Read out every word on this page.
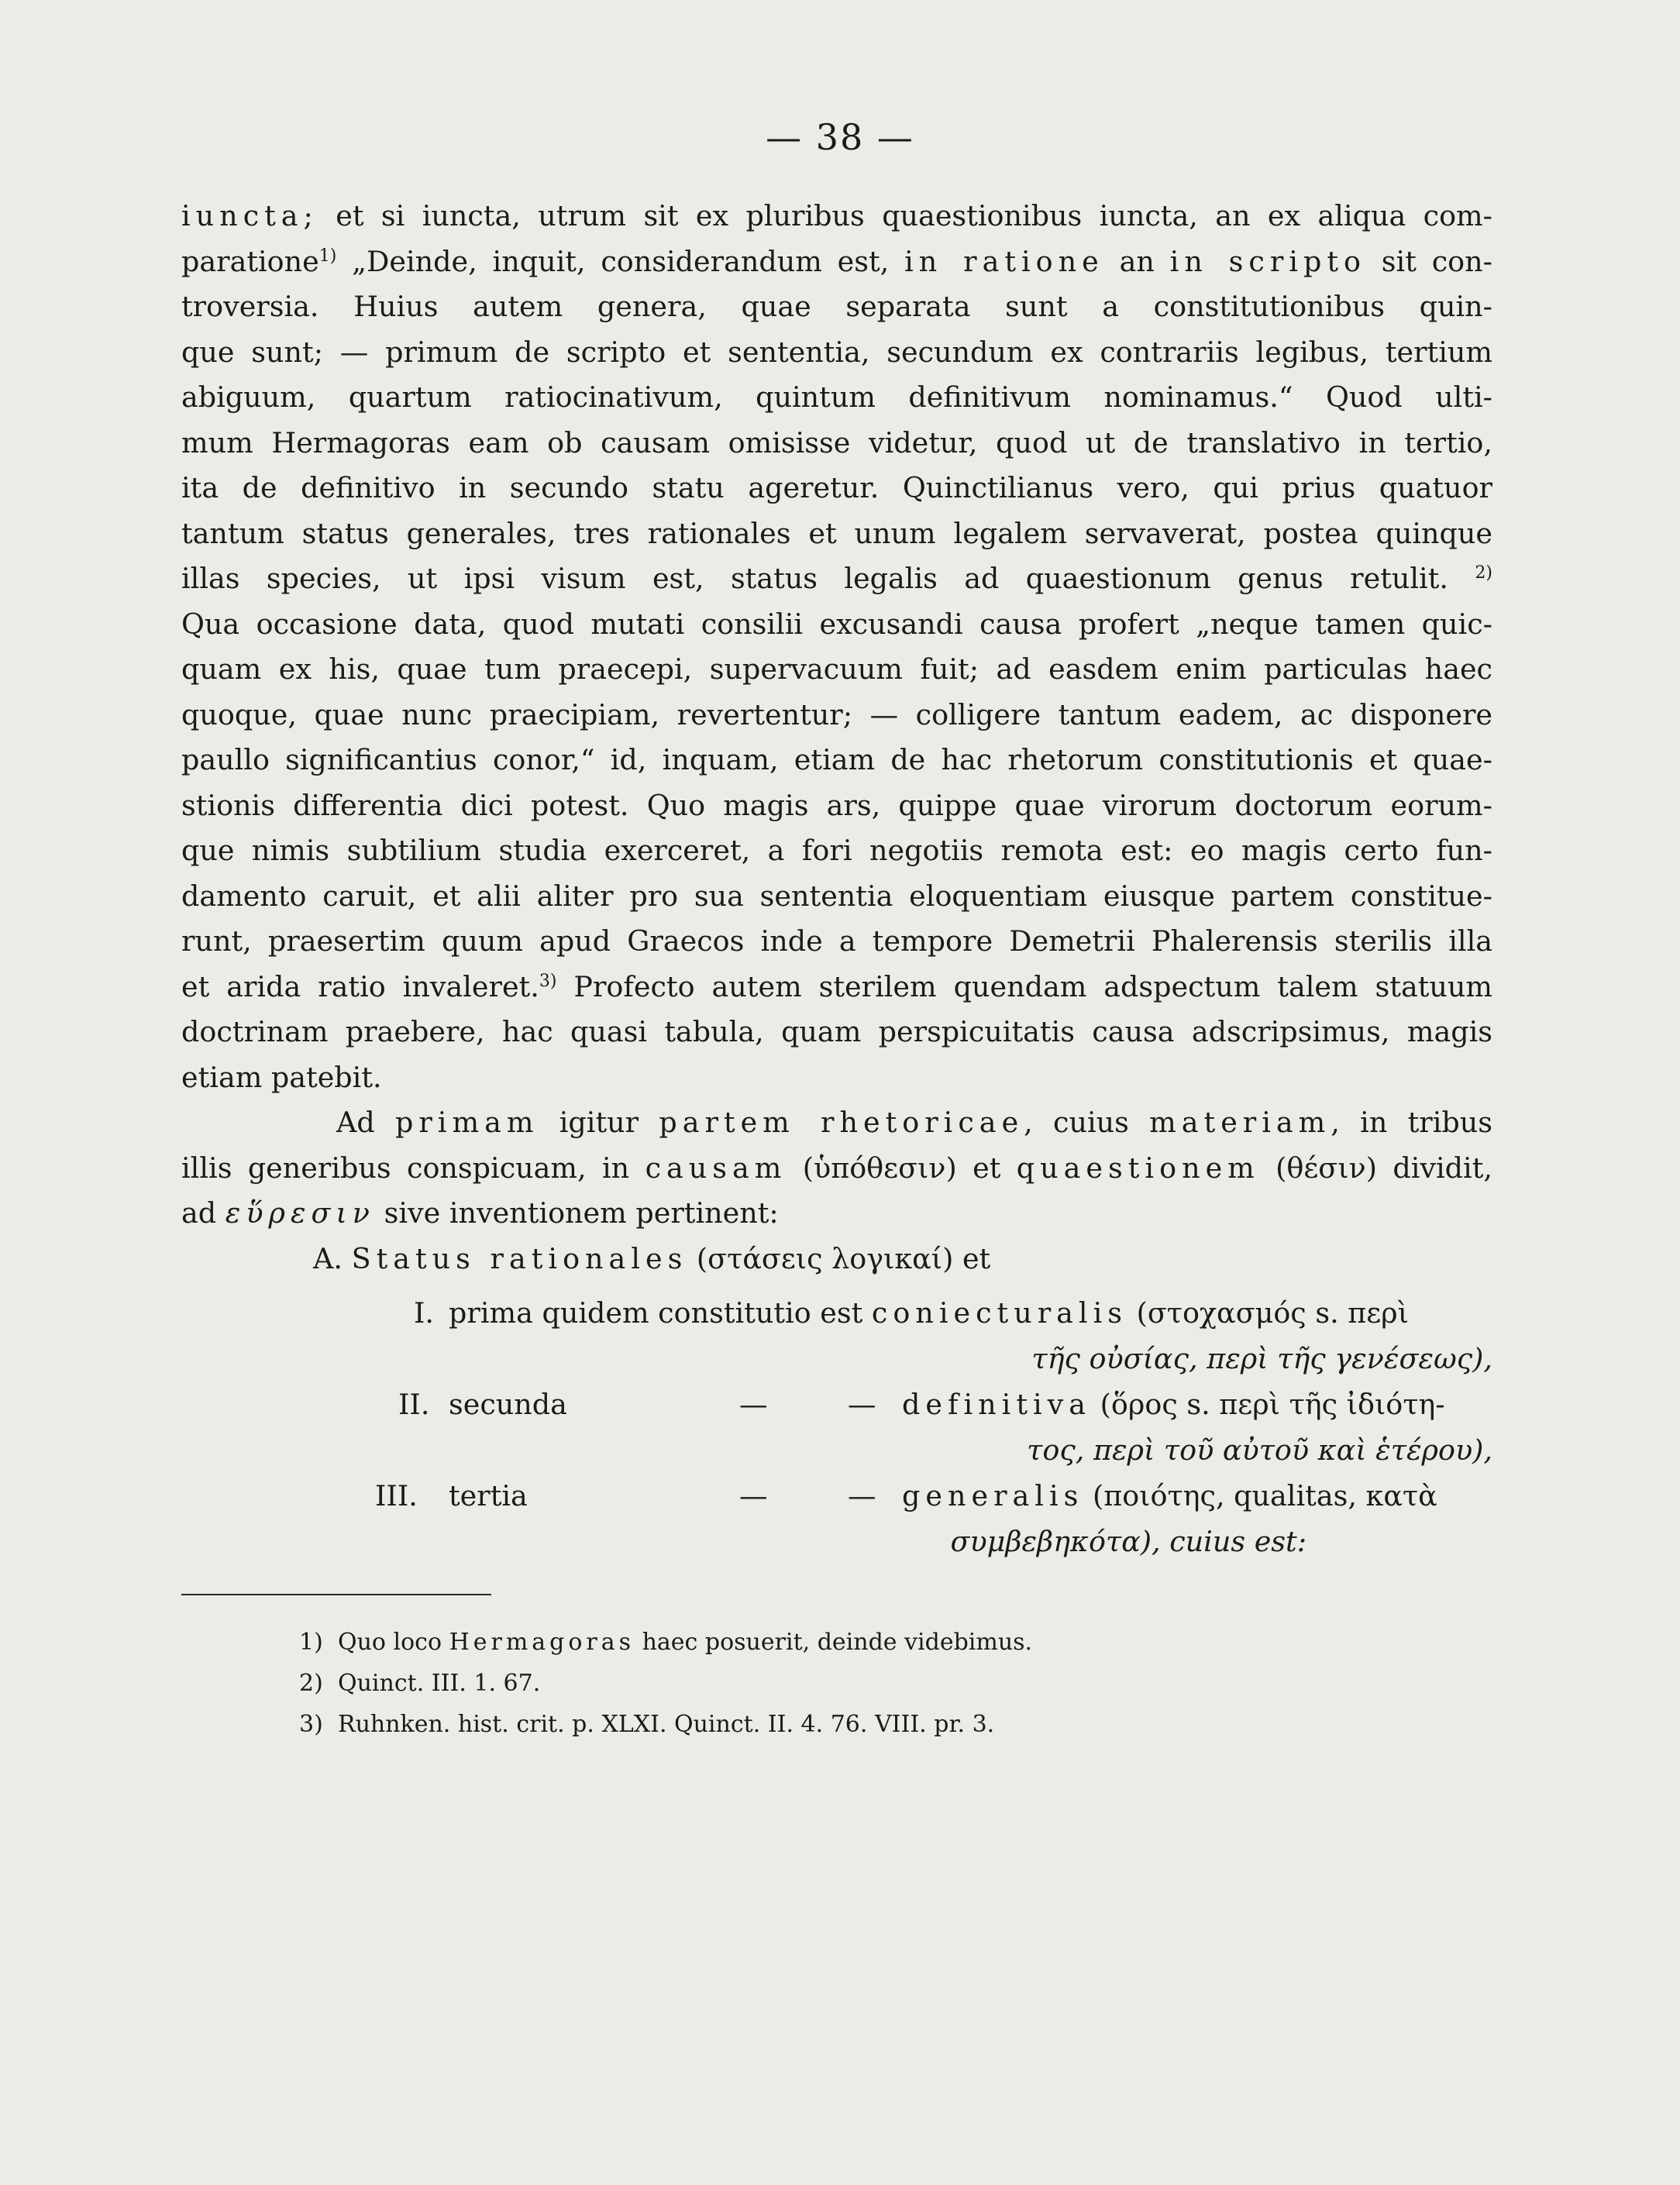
— 38 —
iuncta; et si iuncta, utrum sit ex pluribus quaestionibus iuncta, an ex aliqua com-
paratione$^{1)}$ „Deinde, inquit, considerandum est, in ratione an in scripto sit con-
troversia. Huius autem genera, quae separata sunt a constitutionibus quin-
que sunt; — primum de scripto et sententia, secundum ex contrariis legibus, tertium
abiguum, quartum ratiocinativum, quintum definitivum nominamus.“ Quod ulti-
mum Hermagoras eam ob causam omisisse videtur, quod ut de translativo in tertio,
ita de definitivo in secundo statu ageretur. Quinctilianus vero, qui prius quatuor
tantum status generales, tres rationales et unum legalem servaverat, postea quinque
illas species, ut ipsi visum est, status legalis ad quaestionum genus retulit. $^{2)}$
Qua occasione data, quod mutati consilii excusandi causa profert „neque tamen quic-
quam ex his, quae tum praecepi, supervacuum fuit; ad easdem enim particulas haec
quoque, quae nunc praecipiam, revertentur; — colligere tantum eadem, ac disponere
paullo significantius conor,“ id, inquam, etiam de hac rhetorum constitutionis et quae-
stionis differentia dici potest. Quo magis ars, quippe quae virorum doctorum eorum-
que nimis subtilium studia exerceret, a fori negotiis remota est: eo magis certo fun-
damento caruit, et alii aliter pro sua sententia eloquentiam eiusque partem constitue-
runt, praesertim quum apud Graecos inde a tempore Demetrii Phalerensis sterilis illa
et arida ratio invaleret.$^{3)}$ Profecto autem sterilem quendam adspectum talem statuum
doctrinam praebere, hac quasi tabula, quam perspicuitatis causa adscripsimus, magis
etiam patebit.
Ad primam igitur partem rhetoricae, cuius materiam, in tribus
illis generibus conspicuam, in causam (ὑπόθεσιν) et quaestionem (θέσιν) dividit,
ad εὕρεσιν sive inventionem pertinent:
A. Status rationales (στάσεις λογικαί) et
I. prima quidem constitutio est coniecturalis (στοχασμός s. περὶ
τῆς οὐσίας, περὶ τῆς γενέσεως),
II. secunda	—	— definitiva (ὅρος s. περὶ τῆς ἰδιότη-
τος, περὶ τοῦ αὐτοῦ καὶ ἑτέρου),
III. tertia	—	— generalis (ποιότης, qualitas, κατὰ
συμβεβηκότα), cuius est:
1) Quo loco Hermagoras haec posuerit, deinde videbimus.
2) Quinct. III. 1. 67.
3) Ruhnken. hist. crit. p. XLXI. Quinct. II. 4. 76. VIII. pr. 3.
